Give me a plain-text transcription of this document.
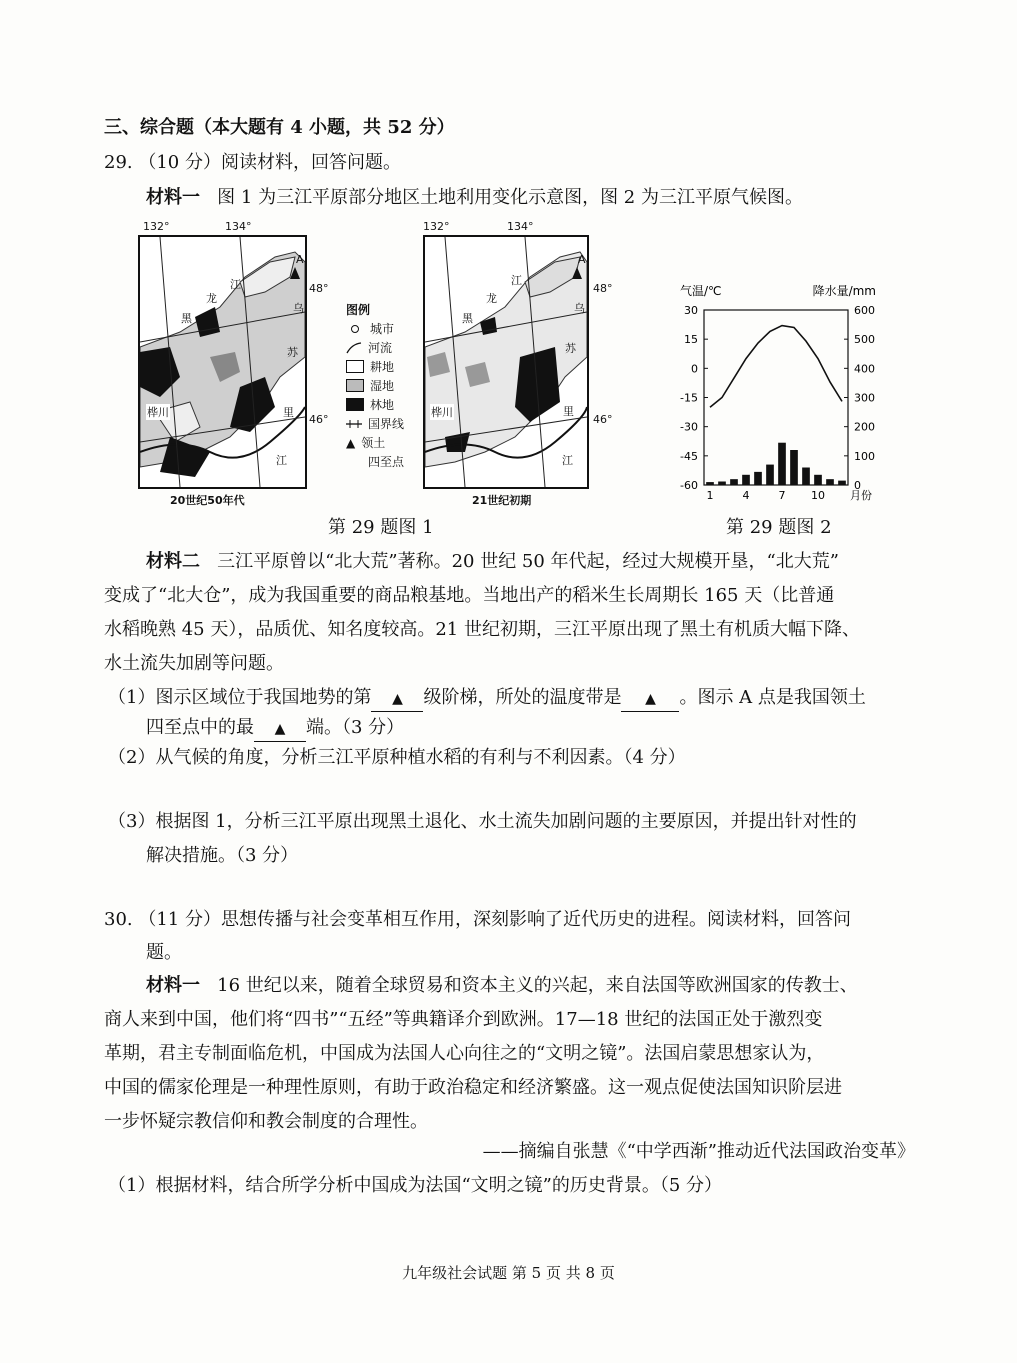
三、综合题（本大题有 4 小题，共 52 分）
29. （10 分）阅读材料，回答问题。
材料一 图 1 为三江平原部分地区土地利用变化示意图，图 2 为三江平原气候图。
132°	134°
A
48°
46°
黑
龙
江
乌
苏
里
江
桦川
20世纪50年代
图例
城市
河流
耕地
湿地
林地
国界线
▲ 领土
四至点
132°	134°
A
48°
46°
黑
龙
江
乌
苏
里
江
桦川
21世纪初期
气温/℃	降水量/mm
30
15
0
-15
-30
-45
-60
600
500
400
300
200
100
0
1	4	7 10 月份
第 29 题图 1	第 29 题图 2
材料二 三江平原曾以“北大荒”著称。20 世纪 50 年代起，经过大规模开垦，“北大荒”
变成了“北大仓”，成为我国重要的商品粮基地。当地出产的稻米生长周期长 165 天（比普通
水稻晚熟 45 天），品质优、知名度较高。21 世纪初期，三江平原出现了黑土有机质大幅下降、
水土流失加剧等问题。
（1）图示区域位于我国地势的第 ▲ 级阶梯，所处的温度带是 ▲ 。图示 A 点是我国领土
四至点中的最 ▲ 端。（3 分）
（2）从气候的角度，分析三江平原种植水稻的有利与不利因素。（4 分）
（3）根据图 1，分析三江平原出现黑土退化、水土流失加剧问题的主要原因，并提出针对性的
解决措施。（3 分）
30. （11 分）思想传播与社会变革相互作用，深刻影响了近代历史的进程。阅读材料，回答问
题。
材料一 16 世纪以来，随着全球贸易和资本主义的兴起，来自法国等欧洲国家的传教士、
商人来到中国，他们将“四书”“五经”等典籍译介到欧洲。17—18 世纪的法国正处于激烈变
革期，君主专制面临危机，中国成为法国人心向往之的“文明之镜”。法国启蒙思想家认为，
中国的儒家伦理是一种理性原则，有助于政治稳定和经济繁盛。这一观点促使法国知识阶层进
一步怀疑宗教信仰和教会制度的合理性。
——摘编自张慧《“中学西渐”推动近代法国政治变革》
（1）根据材料，结合所学分析中国成为法国“文明之镜”的历史背景。（5 分）
九年级社会试题 第 5 页 共 8 页
